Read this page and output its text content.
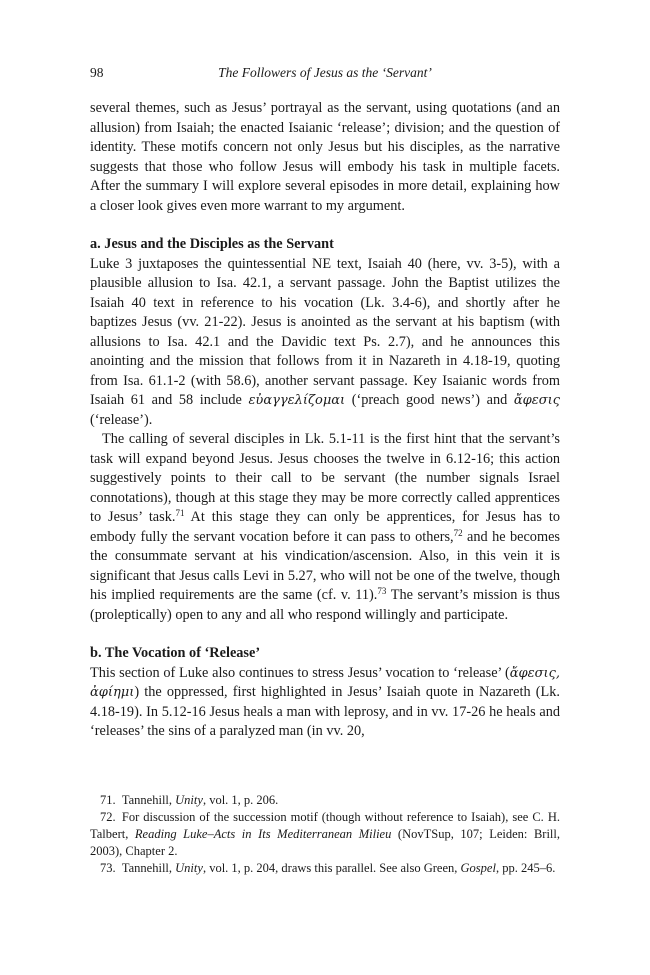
98	The Followers of Jesus as the ‘Servant’

several themes, such as Jesus’ portrayal as the servant, using quotations (and an allusion) from Isaiah; the enacted Isaianic ‘release’; division; and the question of identity. These motifs concern not only Jesus but his disciples, as the narrative suggests that those who follow Jesus will embody his task in multiple facets. After the summary I will explore several episodes in more detail, explaining how a closer look gives even more warrant to my argument.

a. Jesus and the Disciples as the Servant

Luke 3 juxtaposes the quintessential NE text, Isaiah 40 (here, vv. 3-5), with a plausible allusion to Isa. 42.1, a servant passage. John the Baptist utilizes the Isaiah 40 text in reference to his vocation (Lk. 3.4-6), and shortly after he baptizes Jesus (vv. 21-22). Jesus is anointed as the servant at his baptism (with allusions to Isa. 42.1 and the Davidic text Ps. 2.7), and he announces this anointing and the mission that follows from it in Nazareth in 4.18-19, quoting from Isa. 61.1-2 (with 58.6), another servant passage. Key Isaianic words from Isaiah 61 and 58 include εὐαγγελίζομαι (‘preach good news’) and ἄφεσις (‘release’).

The calling of several disciples in Lk. 5.1-11 is the first hint that the servant’s task will expand beyond Jesus. Jesus chooses the twelve in 6.12-16; this action suggestively points to their call to be servant (the number signals Israel connotations), though at this stage they may be more correctly called apprentices to Jesus’ task.$^{71}$ At this stage they can only be apprentices, for Jesus has to embody fully the servant vocation before it can pass to others,$^{72}$ and he becomes the consummate servant at his vindication/ascension. Also, in this vein it is significant that Jesus calls Levi in 5.27, who will not be one of the twelve, though his implied requirements are the same (cf. v. 11).$^{73}$ The servant’s mission is thus (proleptically) open to any and all who respond willingly and participate.

b. The Vocation of ‘Release’

This section of Luke also continues to stress Jesus’ vocation to ‘release’ (ἄφεσις, ἀφίημι) the oppressed, first highlighted in Jesus’ Isaiah quote in Nazareth (Lk. 4.18-19). In 5.12-16 Jesus heals a man with leprosy, and in vv. 17-26 he heals and ‘releases’ the sins of a paralyzed man (in vv. 20,

71. Tannehill, Unity, vol. 1, p. 206.

72. For discussion of the succession motif (though without reference to Isaiah), see C. H. Talbert, Reading Luke–Acts in Its Mediterranean Milieu (NovTSup, 107; Leiden: Brill, 2003), Chapter 2.

73. Tannehill, Unity, vol. 1, p. 204, draws this parallel. See also Green, Gospel, pp. 245–6.
